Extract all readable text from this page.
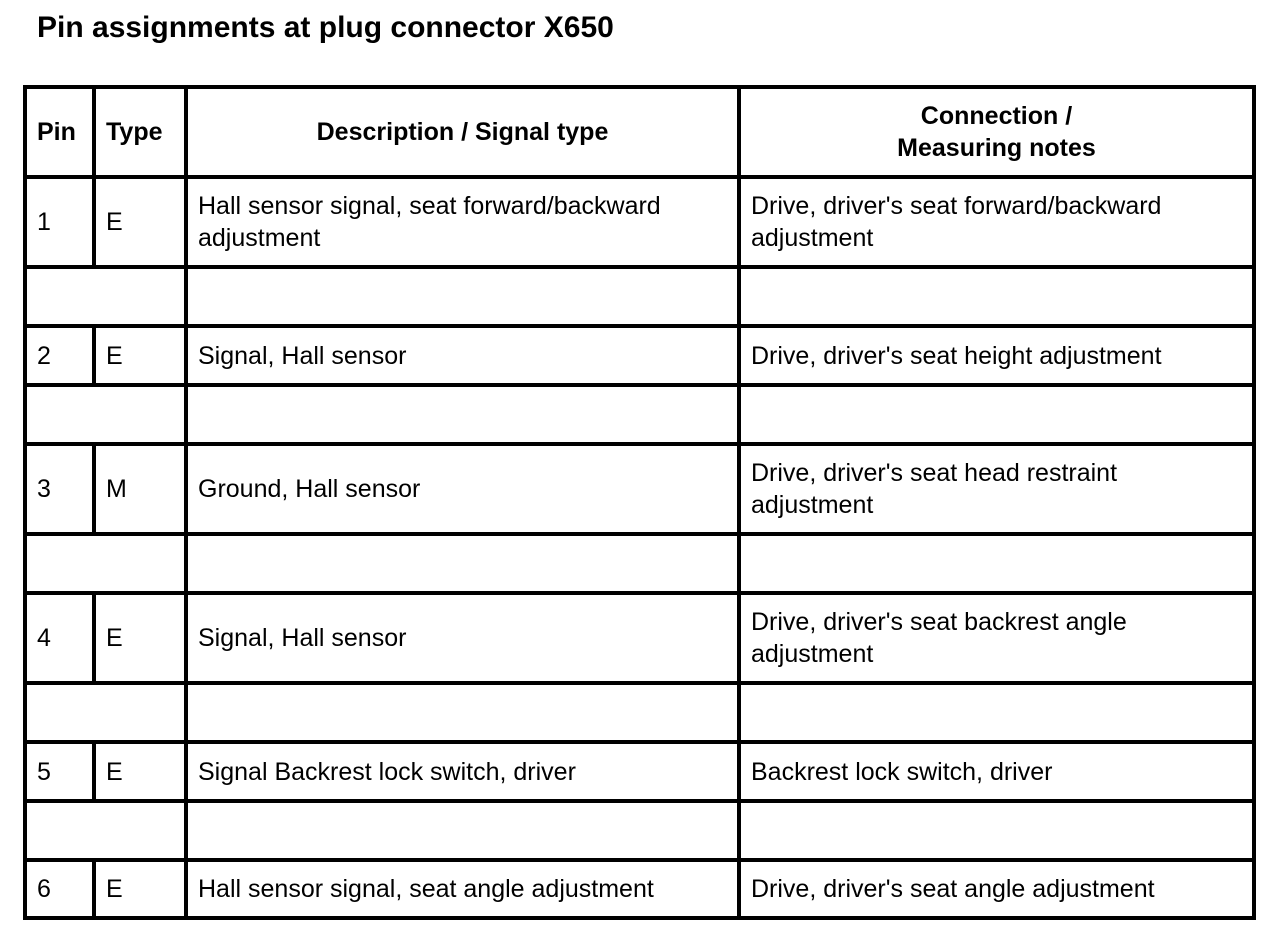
Pin assignments at plug connector X650
Pin	Type	Description / Signal type	Connection /
Measuring notes
1	E	Hall sensor signal, seat forward/backward adjustment	Drive, driver's seat forward/backward adjustment

2	E	Signal, Hall sensor	Drive, driver's seat height adjustment

3	M	Ground, Hall sensor	Drive, driver's seat head restraint adjustment

4	E	Signal, Hall sensor	Drive, driver's seat backrest angle adjustment

5	E	Signal Backrest lock switch, driver	Backrest lock switch, driver

6	E	Hall sensor signal, seat angle adjustment	Drive, driver's seat angle adjustment
